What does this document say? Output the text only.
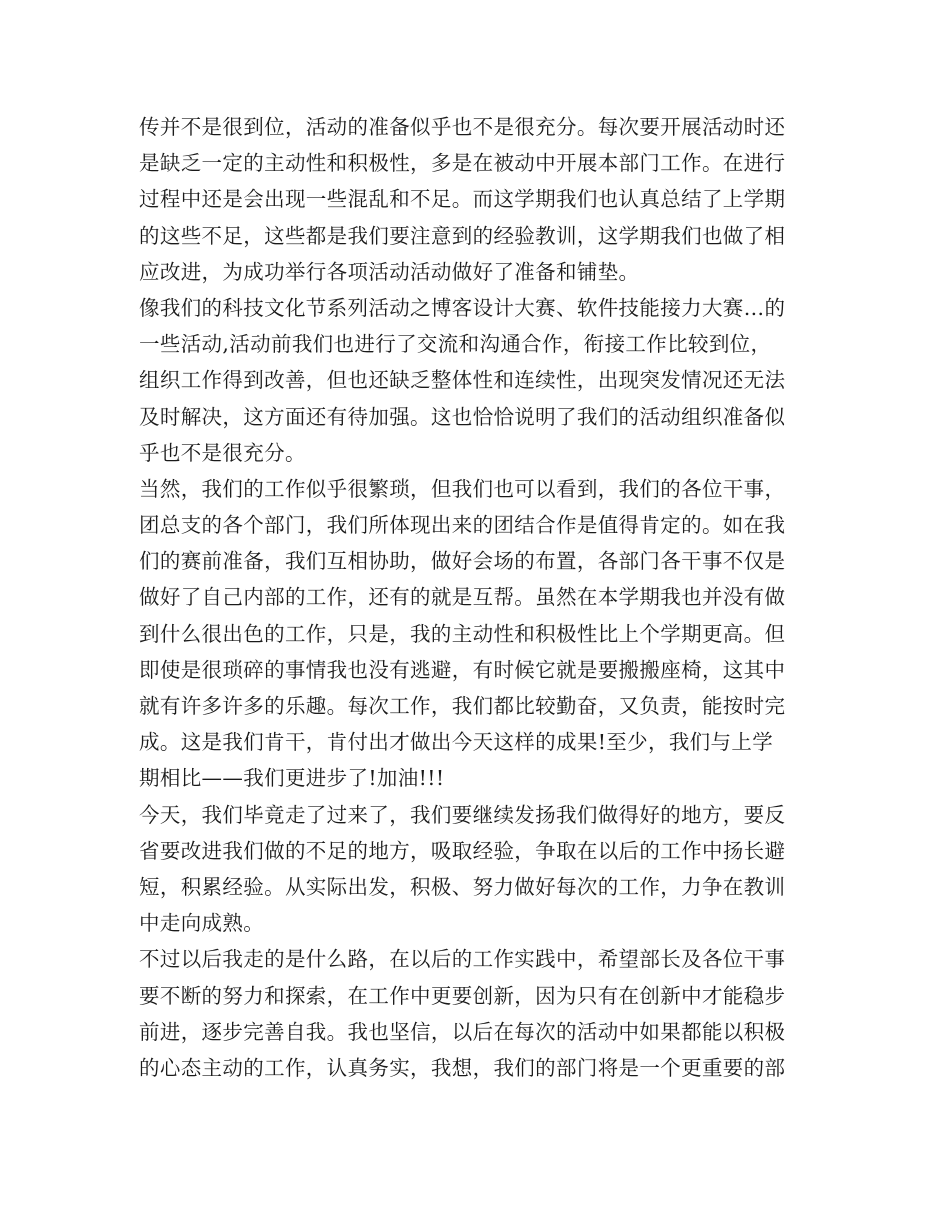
传并不是很到位，活动的准备似乎也不是很充分。每次要开展活动时还
是缺乏一定的主动性和积极性，多是在被动中开展本部门工作。在进行
过程中还是会出现一些混乱和不足。而这学期我们也认真总结了上学期
的这些不足，这些都是我们要注意到的经验教训，这学期我们也做了相
应改进，为成功举行各项活动活动做好了准备和铺垫。
像我们的科技文化节系列活动之博客设计大赛、软件技能接力大赛…的
一些活动,活动前我们也进行了交流和沟通合作，衔接工作比较到位，
组织工作得到改善，但也还缺乏整体性和连续性，出现突发情况还无法
及时解决，这方面还有待加强。这也恰恰说明了我们的活动组织准备似
乎也不是很充分。
当然，我们的工作似乎很繁琐，但我们也可以看到，我们的各位干事，
团总支的各个部门，我们所体现出来的团结合作是值得肯定的。如在我
们的赛前准备，我们互相协助，做好会场的布置，各部门各干事不仅是
做好了自己内部的工作，还有的就是互帮。虽然在本学期我也并没有做
到什么很出色的工作，只是，我的主动性和积极性比上个学期更高。但
即使是很琐碎的事情我也没有逃避，有时候它就是要搬搬座椅，这其中
就有许多许多的乐趣。每次工作，我们都比较勤奋，又负责，能按时完
成。这是我们肯干，肯付出才做出今天这样的成果!至少，我们与上学
期相比——我们更进步了!加油!!!
今天，我们毕竟走了过来了，我们要继续发扬我们做得好的地方，要反
省要改进我们做的不足的地方，吸取经验，争取在以后的工作中扬长避
短，积累经验。从实际出发，积极、努力做好每次的工作，力争在教训
中走向成熟。
不过以后我走的是什么路，在以后的工作实践中，希望部长及各位干事
要不断的努力和探索，在工作中更要创新，因为只有在创新中才能稳步
前进，逐步完善自我。我也坚信，以后在每次的活动中如果都能以积极
的心态主动的工作，认真务实，我想，我们的部门将是一个更重要的部
